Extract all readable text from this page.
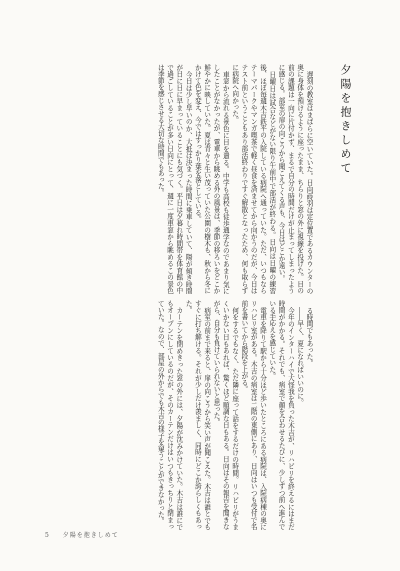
夕陽を抱きしめて

遅刻の教室はまばらに空いていた。日向蒔羽は定位置であるカウンターの奥に身体を預けるように座ったまま、ちらりと窓の外に視線を投げた。目の前の課題は一向に片付かず、まるで自分の時間だけが止まってしまったように感じる。部室の扉の向こうから聞こえてくる声も、今日はどこか遠い。

日曜日は試合などがない限り午前中で部活が終わる。日向は日曜の練習後、ほぼ毎週木吉鉄平の入院している病院へ通っていた。ただ、いつもならテーマパークやマンガ喫茶で軽く昼食を済ませてから向かうのだが、今日はテスト前ということもあり部活終わりですぐ解散となったため、何も取らずに病院へ向かった。

車窓から流れる景色に目を遣る。中学も高校も徒歩通学なのであまり気にしたことがなかったが、電車から眺める外の風景は、季節の移ろいをどこか鮮やかに映していた。夏は青々と生い茂っていた公園の樹木も、秋から冬にかけて色を変え、今ではすっかり葉を落としている。

今日は少し早いのか、大抵は決まった時間に乗車していて、陽が傾き時間が日に日に早まっていることにも気づく。平日は夕暮れ時間帯を体育館の中で過ごしていることが多い日向にとって、週に一度車窓から眺めるこの景色は季節を感じさせる大切な時間でもあった。

る時間でもあった。

――早く、夏になればいいのに。

今年のインターハイで大怪我を負った木吉が、リハビリを終えるにはまだ時間がかかる。それでも、病室で顔を合わせるたびに、少しずつ前へ進んでいる手応えを感じていた。

電車を降りて駅から十分ほど歩いたところにある病院は、入院病棟の奥にリハビリ室がある。木吉の病室は二階の東側にあり、日向はいつも受付で名前を書いてから階段を上がる。

何をするでもなく、ただ隣に座って話をするだけの時間。リハビリがうまくいかない日もあれば、驚くほど順調な日もある。日向はその報告を聞きながら、自分も負けていられないと思った。

病室の前まで来ると、扉の向こうから笑い声が聞こえた。木吉は誰とでもすぐに打ち解ける。それが少しだけ羨ましく、同時にどこか誇らしくもあった。

カーテンを閉めきった窓の外には、夕陽が沈みかけていた。木吉は誰にでもオープンにしているのだが、そのカーテンだけはいつもきっちりと閉まっていた。なので、部屋の外からでも木吉の様子を窺うことができなかった。

5 夕陽を抱きしめて
